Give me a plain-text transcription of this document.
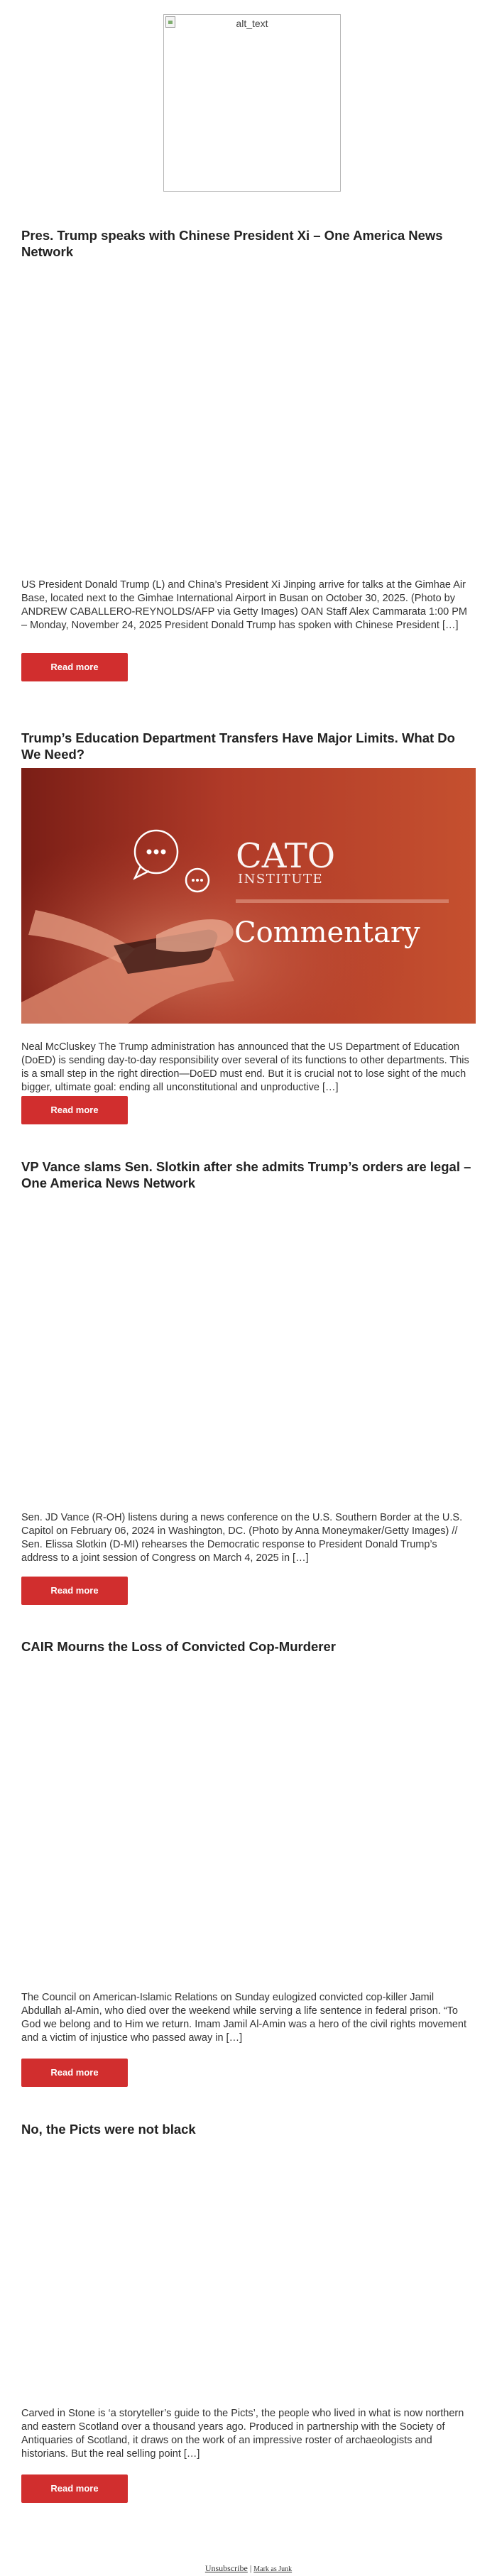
alt_text
Pres. Trump speaks with Chinese President Xi – One America News Network

US President Donald Trump (L) and China’s President Xi Jinping arrive for talks at the Gimhae Air Base, located next to the Gimhae International Airport in Busan on October 30, 2025. (Photo by ANDREW CABALLERO-REYNOLDS/AFP via Getty Images) OAN Staff Alex Cammarata 1:00 PM – Monday, November 24, 2025 President Donald Trump has spoken with Chinese President […]

Read more
Trump’s Education Department Transfers Have Major Limits. What Do We Need?
CATO
INSTITUTE
Commentary

Neal McCluskey The Trump administration has announced that the US Department of Education (DoED) is sending day-to-day responsibility over several of its functions to other departments. This is a small step in the right direction—DoED must end. But it is crucial not to lose sight of the much bigger, ultimate goal: ending all unconstitutional and unproductive […]

Read more
VP Vance slams Sen. Slotkin after she admits Trump’s orders are legal – One America News Network

Sen. JD Vance (R-OH) listens during a news conference on the U.S. Southern Border at the U.S. Capitol on February 06, 2024 in Washington, DC. (Photo by Anna Moneymaker/Getty Images) // Sen. Elissa Slotkin (D-MI) rehearses the Democratic response to President Donald Trump’s address to a joint session of Congress on March 4, 2025 in […]

Read more
CAIR Mourns the Loss of Convicted Cop-Murderer

The Council on American-Islamic Relations on Sunday eulogized convicted cop-killer Jamil Abdullah al-Amin, who died over the weekend while serving a life sentence in federal prison. “To God we belong and to Him we return. Imam Jamil Al-Amin was a hero of the civil rights movement and a victim of injustice who passed away in […]

Read more
No, the Picts were not black

Carved in Stone is ‘a storyteller’s guide to the Picts’, the people who lived in what is now northern and eastern Scotland over a thousand years ago. Produced in partnership with the Society of Antiquaries of Scotland, it draws on the work of an impressive roster of archaeologists and historians. But the real selling point […]

Read more
Unsubscribe | Mark as Junk
